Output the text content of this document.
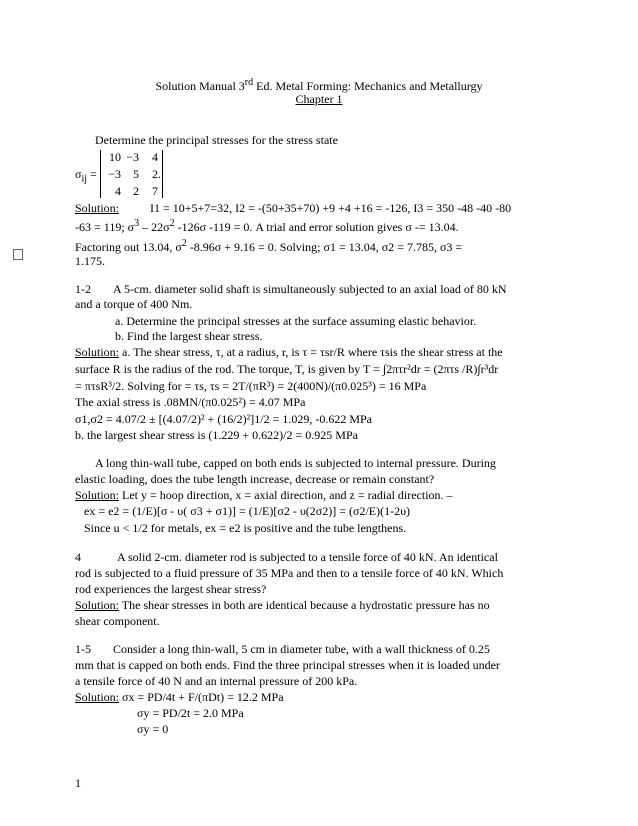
Solution Manual 3rd Ed. Metal Forming: Mechanics and Metallurgy
Chapter 1
Determine the principal stresses for the stress state
$\sigma_{ij}$ =
10 −3	4
−3	5	2
4	2	7
.
Solution:	I1 = 10+5+7=32, I2 = -(50+35+70) +9 +4 +16 = -126, I3 = 350 -48 -40 -80
-63 = 119; $\sigma^3 - 22\sigma^2$ -126σ -119 = 0. A trial and error solution gives σ -= 13.04.
Factoring out 13.04, $\sigma^2$ -8.96σ + 9.16 = 0. Solving; σ1 = 13.04, σ2 = 7.785, σ3 =
1.175.
1-2 A 5-cm. diameter solid shaft is simultaneously subjected to an axial load of 80 kN
and a torque of 400 Nm.
a. Determine the principal stresses at the surface assuming elastic behavior.
b. Find the largest shear stress.
Solution: a. The shear stress, τ, at a radius, r, is τ = τsr/R where τsis the shear stress at the
surface R is the radius of the rod. The torque, T, is given by T = ∫2πτr²dr = (2πτs /R)∫r³dr
= πτsR³/2. Solving for = τs, τs = 2T/(πR³) = 2(400N)/(π0.025³) = 16 MPa
The axial stress is .08MN/(π0.025²) = 4.07 MPa
σ1,σ2 = 4.07/2 ± [(4.07/2)² + (16/2)²]1/2 = 1.029, -0.622 MPa
b. the largest shear stress is (1.229 + 0.622)/2 = 0.925 MPa
A long thin-wall tube, capped on both ends is subjected to internal pressure. During
elastic loading, does the tube length increase, decrease or remain constant?
Solution: Let y = hoop direction, x = axial direction, and z = radial direction. –
ex = e2 = (1/E)[σ - υ( σ3 + σ1)] = (1/E)[σ2 - υ(2σ2)] = (σ2/E)(1-2υ)
Since u < 1/2 for metals, ex = e2 is positive and the tube lengthens.
4	A solid 2-cm. diameter rod is subjected to a tensile force of 40 kN. An identical
rod is subjected to a fluid pressure of 35 MPa and then to a tensile force of 40 kN. Which
rod experiences the largest shear stress?
Solution: The shear stresses in both are identical because a hydrostatic pressure has no
shear component.
1-5 Consider a long thin-wall, 5 cm in diameter tube, with a wall thickness of 0.25
mm that is capped on both ends. Find the three principal stresses when it is loaded under
a tensile force of 40 N and an internal pressure of 200 kPa.
Solution: σx = PD/4t + F/(πDt) = 12.2 MPa
σy = PD/2t = 2.0 MPa
σy = 0
1
